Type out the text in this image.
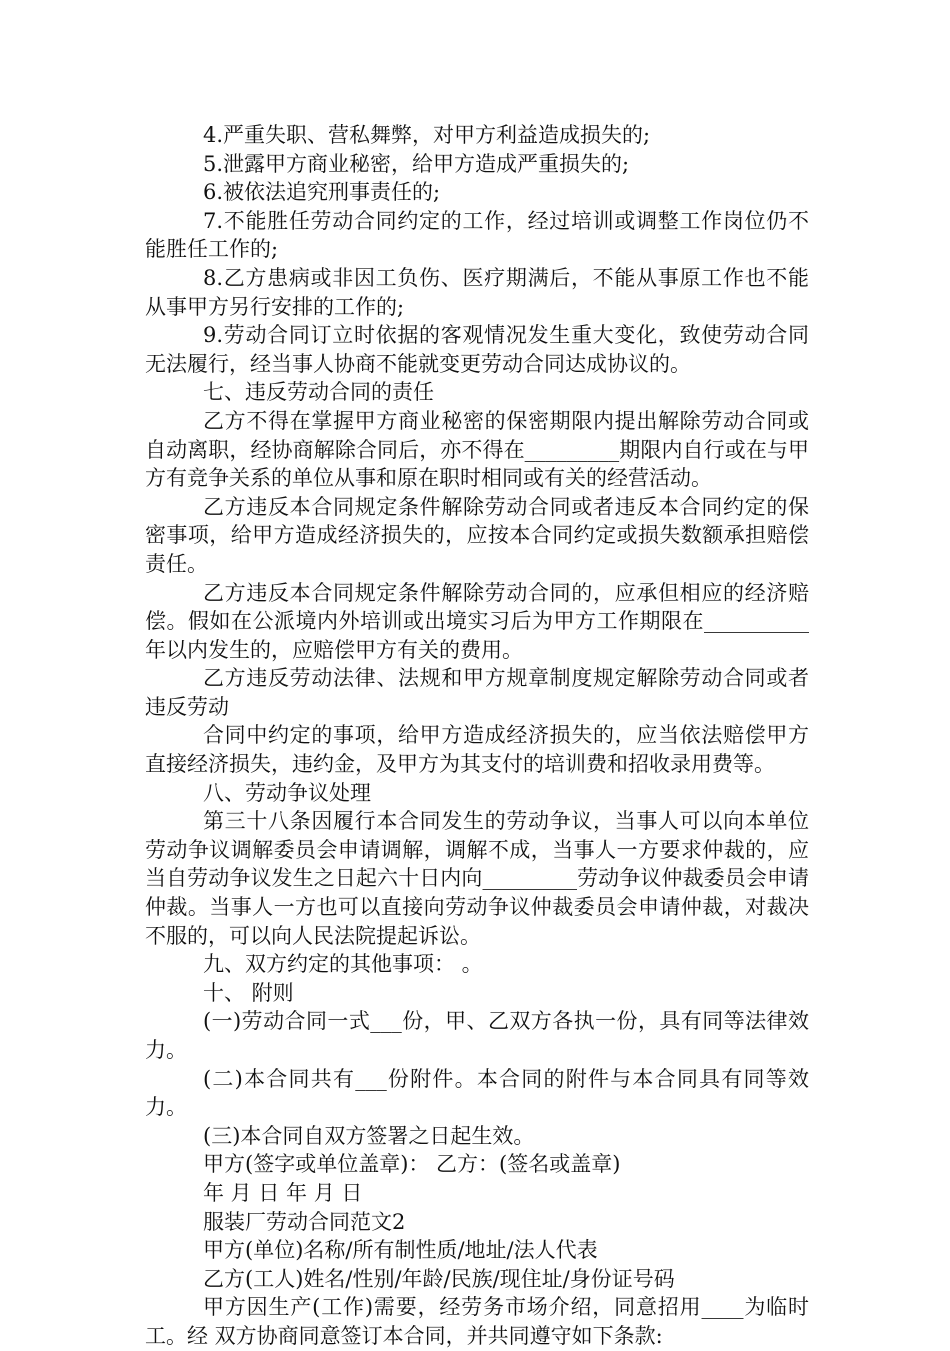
4.严重失职、营私舞弊，对甲方利益造成损失的;

5.泄露甲方商业秘密，给甲方造成严重损失的;

6.被依法追究刑事责任的;

7.不能胜任劳动合同约定的工作，经过培训或调整工作岗位仍不能胜任工作的;

8.乙方患病或非因工负伤、医疗期满后，不能从事原工作也不能从事甲方另行安排的工作的;

9.劳动合同订立时依据的客观情况发生重大变化，致使劳动合同无法履行，经当事人协商不能就变更劳动合同达成协议的。

七、违反劳动合同的责任

乙方不得在掌握甲方商业秘密的保密期限内提出解除劳动合同或自动离职，经协商解除合同后，亦不得在_________期限内自行或在与甲方有竞争关系的单位从事和原在职时相同或有关的经营活动。

乙方违反本合同规定条件解除劳动合同或者违反本合同约定的保密事项，给甲方造成经济损失的，应按本合同约定或损失数额承担赔偿责任。

乙方违反本合同规定条件解除劳动合同的，应承但相应的经济赔偿。假如在公派境内外培训或出境实习后为甲方工作期限在__________年以内发生的，应赔偿甲方有关的费用。

乙方违反劳动法律、法规和甲方规章制度规定解除劳动合同或者违反劳动

合同中约定的事项，给甲方造成经济损失的，应当依法赔偿甲方直接经济损失，违约金，及甲方为其支付的培训费和招收录用费等。

八、劳动争议处理

第三十八条因履行本合同发生的劳动争议，当事人可以向本单位劳动争议调解委员会申请调解，调解不成，当事人一方要求仲裁的，应当自劳动争议发生之日起六十日内向_________劳动争议仲裁委员会申请仲裁。当事人一方也可以直接向劳动争议仲裁委员会申请仲裁，对裁决不服的，可以向人民法院提起诉讼。

九、双方约定的其他事项： 。

十、 附则

(一)劳动合同一式___份，甲、乙双方各执一份，具有同等法律效力。

(二)本合同共有___份附件。本合同的附件与本合同具有同等效力。

(三)本合同自双方签署之日起生效。

甲方(签字或单位盖章)： 乙方：(签名或盖章)

年 月 日 年 月 日

服装厂劳动合同范文2

甲方(单位)名称/所有制性质/地址/法人代表

乙方(工人)姓名/性别/年龄/民族/现住址/身份证号码

甲方因生产(工作)需要，经劳务市场介绍，同意招用____为临时工。经 双方协商同意签订本合同，并共同遵守如下条款:
